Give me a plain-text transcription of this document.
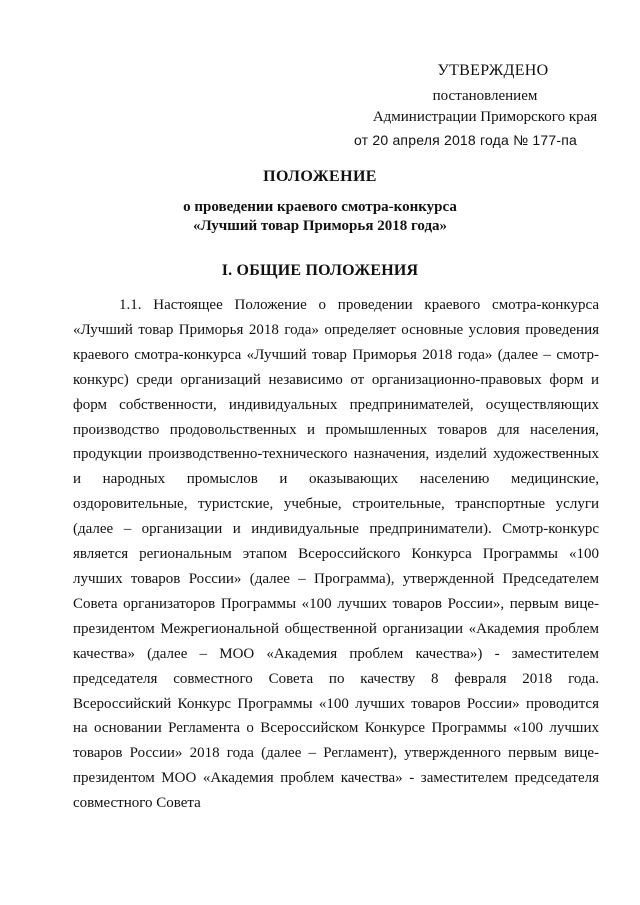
УТВЕРЖДЕНО
постановлением
Администрации Приморского края
от 20 апреля 2018 года № 177-па
ПОЛОЖЕНИЕ
о проведении краевого смотра-конкурса
«Лучший товар Приморья 2018 года»
I. ОБЩИЕ ПОЛОЖЕНИЯ
1.1. Настоящее Положение о проведении краевого смотра-конкурса «Лучший товар Приморья 2018 года» определяет основные условия проведения краевого смотра-конкурса «Лучший товар Приморья 2018 года» (далее – смотр-конкурс) среди организаций независимо от организационно-правовых форм и форм собственности, индивидуальных предпринимателей, осуществляющих производство продовольственных и промышленных товаров для населения, продукции производственно-технического назначения, изделий художественных и народных промыслов и оказывающих населению медицинские, оздоровительные, туристские, учебные, строительные, транспортные услуги (далее – организации и индивидуальные предприниматели). Смотр-конкурс является региональным этапом Всероссийского Конкурса Программы «100 лучших товаров России» (далее – Программа), утвержденной Председателем Совета организаторов Программы «100 лучших товаров России», первым вице-президентом Межрегиональной общественной организации «Академия проблем качества» (далее – МОО «Академия проблем качества») - заместителем председателя совместного Совета по качеству 8 февраля 2018 года. Всероссийский Конкурс Программы «100 лучших товаров России» проводится на основании Регламента о Всероссийском Конкурсе Программы «100 лучших товаров России» 2018 года (далее – Регламент), утвержденного первым вице-президентом МОО «Академия проблем качества» - заместителем председателя совместного Совета
